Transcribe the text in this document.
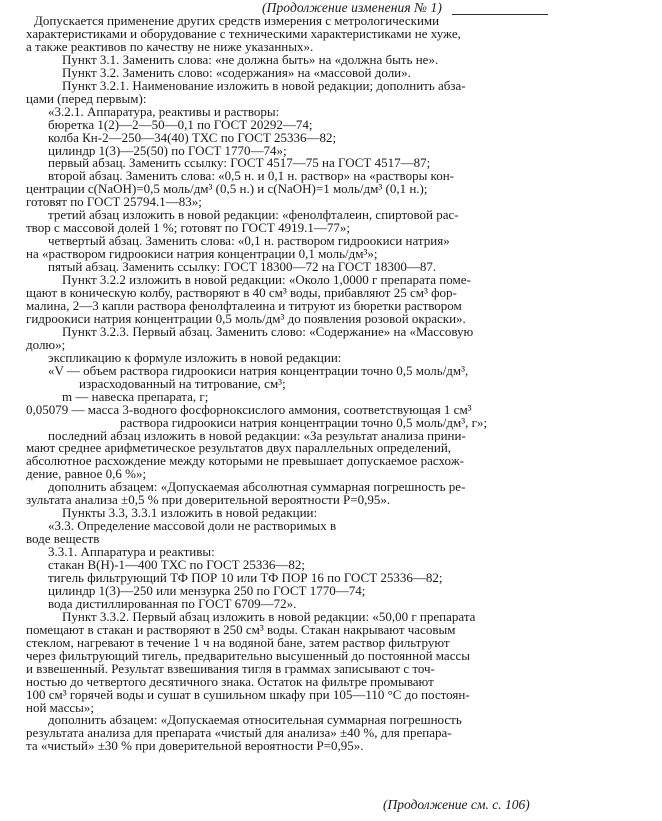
(Продолжение изменения № 1)
Допускается применение других средств измерения с метрологическими
характеристиками и оборудование с техническими характеристиками не хуже,
а также реактивов по качеству не ниже указанных».
Пункт 3.1. Заменить слова: «не должна быть» на «должна быть не».
Пункт 3.2. Заменить слово: «содержания» на «массовой доли».
Пункт 3.2.1. Наименование изложить в новой редакции; дополнить абза-
цами (перед первым):
«3.2.1. Аппаратура, реактивы и растворы:
бюретка 1(2)—2—50—0,1 по ГОСТ 20292—74;
колба Кн-2—250—34(40) ТХС по ГОСТ 25336—82;
цилиндр 1(3)—25(50) по ГОСТ 1770—74»;
первый абзац. Заменить ссылку: ГОСТ 4517—75 на ГОСТ 4517—87;
второй абзац. Заменить слова: «0,5 н. и 0,1 н. раствор» на «растворы кон-
центрации с(NaOH)=0,5 моль/дм³ (0,5 н.) и с(NaOH)=1 моль/дм³ (0,1 н.);
готовят по ГОСТ 25794.1—83»;
третий абзац изложить в новой редакции: «фенолфталеин, спиртовой рас-
твор с массовой долей 1 %; готовят по ГОСТ 4919.1—77»;
четвертый абзац. Заменить слова: «0,1 н. раствором гидроокиси натрия»
на «раствором гидроокиси натрия концентрации 0,1 моль/дм³»;
пятый абзац. Заменить ссылку: ГОСТ 18300—72 на ГОСТ 18300—87.
Пункт 3.2.2 изложить в новой редакции: «Около 1,0000 г препарата поме-
щают в коническую колбу, растворяют в 40 см³ воды, прибавляют 25 см³ фор-
малина, 2—3 капли раствора фенолфталеина и титруют из бюретки раствором
гидроокиси натрия концентрации 0,5 моль/дм³ до появления розовой окраски».
Пункт 3.2.3. Первый абзац. Заменить слово: «Содержание» на «Массовую
долю»;
экспликацию к формуле изложить в новой редакции:
«V — объем раствора гидроокиси натрия концентрации точно 0,5 моль/дм³,
израсходованный на титрование, см³;
m — навеска препарата, г;
0,05079 — масса 3-водного фосфорноксислого аммония, соответствующая 1 см³
раствора гидроокиси натрия концентрации точно 0,5 моль/дм³, г»;
последний абзац изложить в новой редакции: «За результат анализа прини-
мают среднее арифметическое результатов двух параллельных определений,
абсолютное расхождение между которыми не превышает допускаемое расхож-
дение, равное 0,6 %»;
дополнить абзацем: «Допускаемая абсолютная суммарная погрешность ре-
зультата анализа ±0,5 % при доверительной вероятности Р=0,95».
Пункты 3.3, 3.3.1 изложить в новой редакции:
«3.3. Определение массовой доли не растворимых в
воде веществ
3.3.1. Аппаратура и реактивы:
стакан В(Н)-1—400 ТХС по ГОСТ 25336—82;
тигель фильтрующий ТФ ПОР 10 или ТФ ПОР 16 по ГОСТ 25336—82;
цилиндр 1(3)—250 или мензурка 250 по ГОСТ 1770—74;
вода дистиллированная по ГОСТ 6709—72».
Пункт 3.3.2. Первый абзац изложить в новой редакции: «50,00 г препарата
помещают в стакан и растворяют в 250 см³ воды. Стакан накрывают часовым
стеклом, нагревают в течение 1 ч на водяной бане, затем раствор фильтруют
через фильтрующий тигель, предварительно высушенный до постоянной массы
и взвешенный. Результат взвешивания тигля в граммах записывают с точ-
ностью до четвертого десятичного знака. Остаток на фильтре промывают
100 см³ горячей воды и сушат в сушильном шкафу при 105—110 °С до постоян-
ной массы»;
дополнить абзацем: «Допускаемая относительная суммарная погрешность
результата анализа для препарата «чистый для анализа» ±40 %, для препара-
та «чистый» ±30 % при доверительной вероятности Р=0,95».
(Продолжение см. с. 106)
